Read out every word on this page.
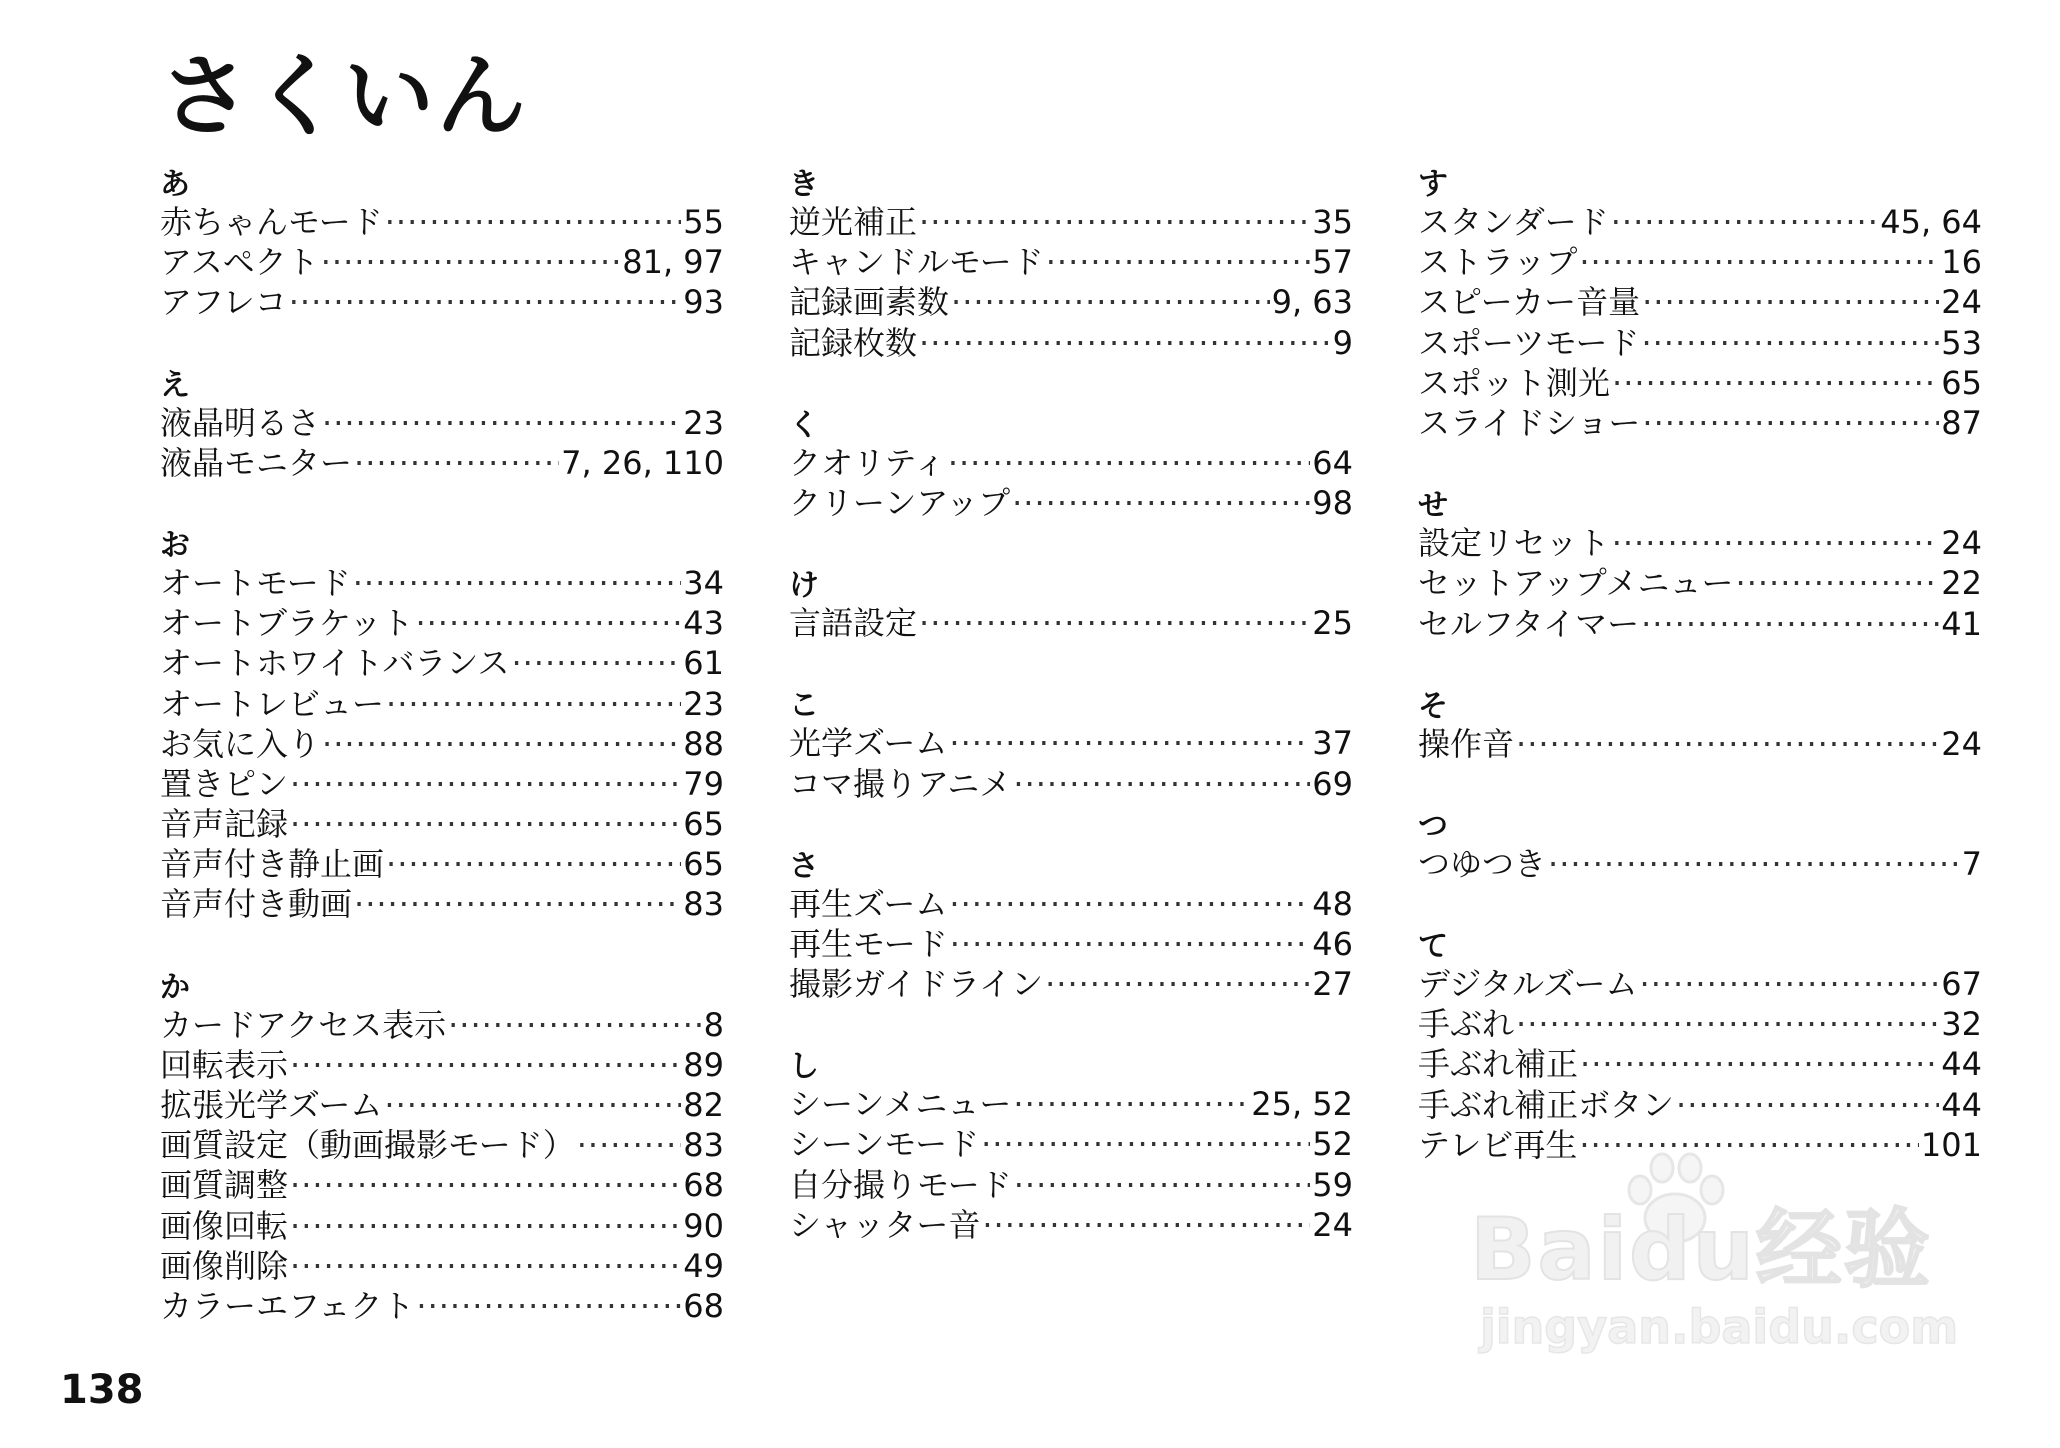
さくいん
あ
赤ちゃんモード ·····	55
アスペクト ·····	81, 97
アフレコ ·····	93
え
液晶明るさ ·····	23
液晶モニター ·····	7, 26, 110
お
オートモード ·····	34
オートブラケット ·····	43
オートホワイトバランス ·····	61
オートレビュー ·····	23
お気に入り ·····	88
置きピン ·····	79
音声記録 ·····	65
音声付き静止画 ·····	65
音声付き動画 ·····	83
か
カードアクセス表示 ·····	8
回転表示 ·····	89
拡張光学ズーム ·····	82
画質設定（動画撮影モード） ·····	83
画質調整 ·····	68
画像回転 ·····	90
画像削除 ·····	49
カラーエフェクト ·····	68
き
逆光補正 ·····	35
キャンドルモード ·····	57
記録画素数 ·····	9, 63
記録枚数 ·····	9
く
クオリティ ·····	64
クリーンアップ ·····	98
け
言語設定 ·····	25
こ
光学ズーム ·····	37
コマ撮りアニメ ·····	69
さ
再生ズーム ·····	48
再生モード ·····	46
撮影ガイドライン ·····	27
し
シーンメニュー ·····	25, 52
シーンモード ·····	52
自分撮りモード ·····	59
シャッター音 ·····	24
す
スタンダード ·····	45, 64
ストラップ ·····	16
スピーカー音量 ·····	24
スポーツモード ·····	53
スポット測光 ·····	65
スライドショー ·····	87
せ
設定リセット ·····	24
セットアップメニュー ·····	22
セルフタイマー ·····	41
そ
操作音 ·····	24
つ
つゆつき ·····	7
て
デジタルズーム ·····	67
手ぶれ ·····	32
手ぶれ補正 ·····	44
手ぶれ補正ボタン ·····	44
テレビ再生 ·····	101
138
Baidu经验
jingyan.baidu.com
